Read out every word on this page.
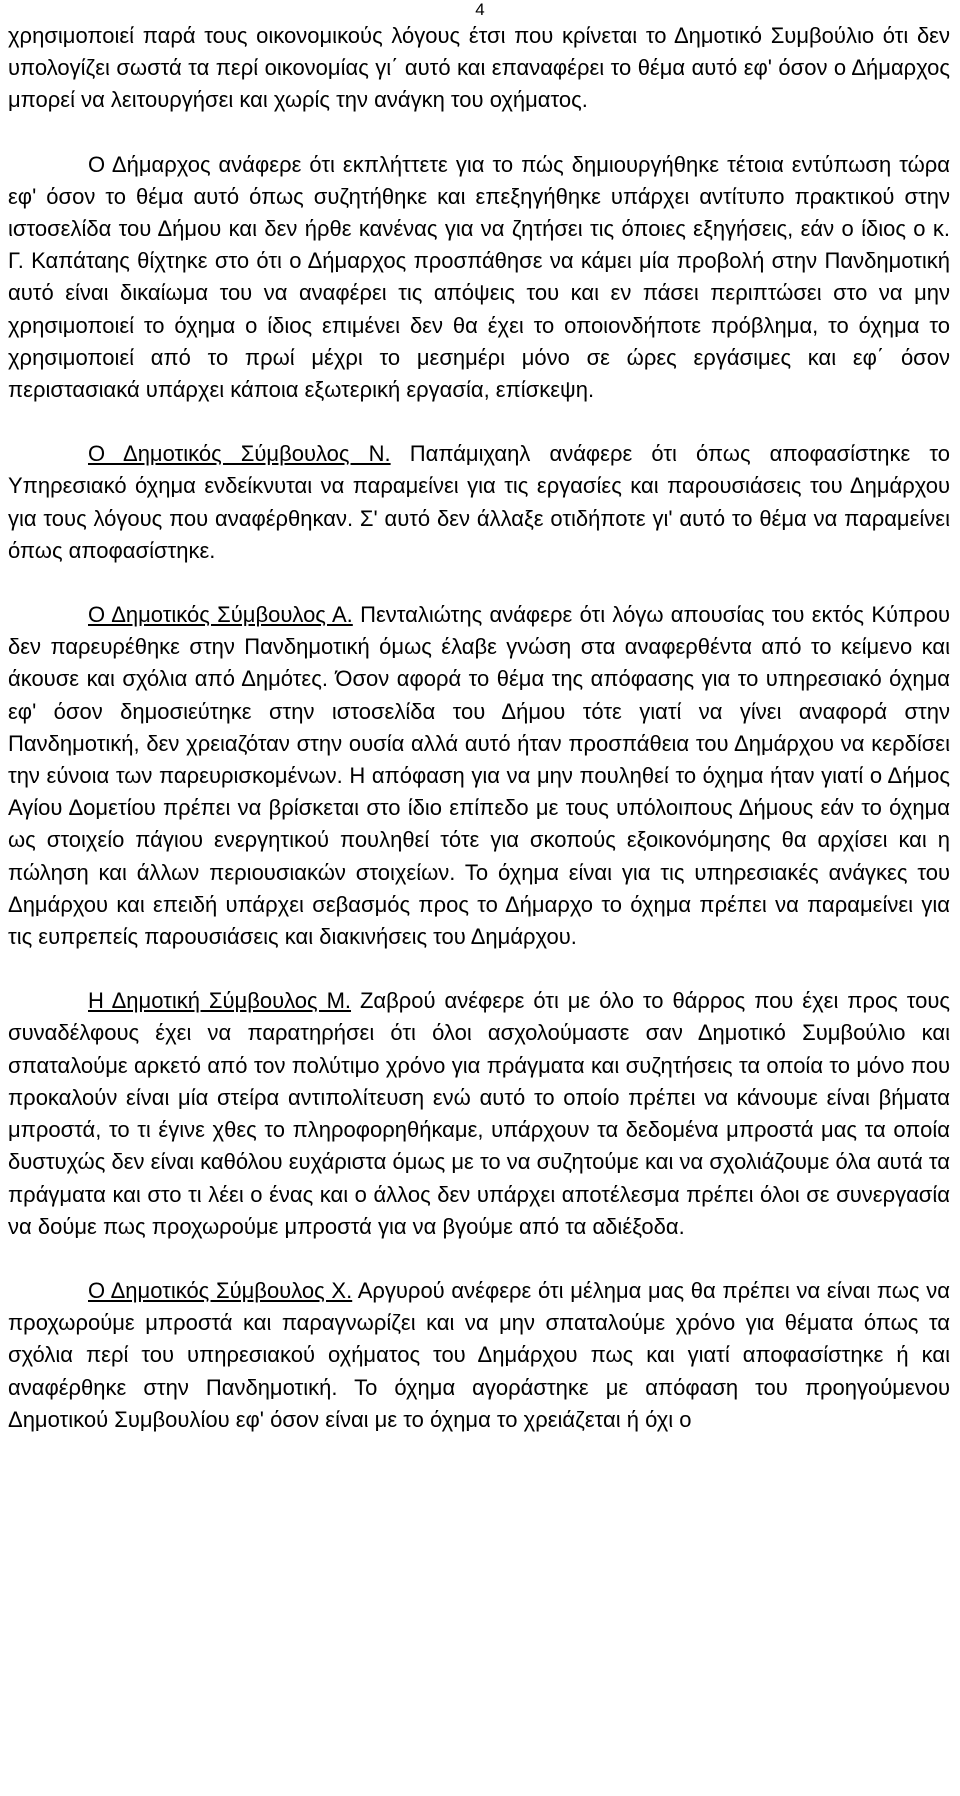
4

χρησιμοποιεί παρά τους οικονομικούς λόγους έτσι που κρίνεται το Δημοτικό Συμβούλιο ότι δεν υπολογίζει σωστά τα περί οικονομίας γι΄ αυτό και επαναφέρει το θέμα αυτό εφ' όσον ο Δήμαρχος μπορεί να λειτουργήσει και χωρίς την ανάγκη του οχήματος.

Ο Δήμαρχος ανάφερε ότι εκπλήττετε για το πώς δημιουργήθηκε τέτοια εντύπωση τώρα εφ' όσον το θέμα αυτό όπως συζητήθηκε και επεξηγήθηκε υπάρχει αντίτυπο πρακτικού στην ιστοσελίδα του Δήμου και δεν ήρθε κανένας για να ζητήσει τις όποιες εξηγήσεις, εάν ο ίδιος ο κ. Γ. Καπάταης θίχτηκε στο ότι ο Δήμαρχος προσπάθησε να κάμει μία προβολή στην Πανδημοτική αυτό είναι δικαίωμα του να αναφέρει τις απόψεις του και εν πάσει περιπτώσει στο να μην χρησιμοποιεί το όχημα ο ίδιος επιμένει δεν θα έχει το οποιονδήποτε πρόβλημα, το όχημα το χρησιμοποιεί από το πρωί μέχρι το μεσημέρι μόνο σε ώρες εργάσιμες και εφ΄ όσον περιστασιακά υπάρχει κάποια εξωτερική εργασία, επίσκεψη.

Ο Δημοτικός Σύμβουλος Ν. Παπάμιχαηλ ανάφερε ότι όπως αποφασίστηκε το Υπηρεσιακό όχημα ενδείκνυται να παραμείνει για τις εργασίες και παρουσιάσεις του Δημάρχου για τους λόγους που αναφέρθηκαν. Σ' αυτό δεν άλλαξε οτιδήποτε γι' αυτό το θέμα να παραμείνει όπως αποφασίστηκε.

Ο Δημοτικός Σύμβουλος Α. Πενταλιώτης ανάφερε ότι λόγω απουσίας του εκτός Κύπρου δεν παρευρέθηκε στην Πανδημοτική όμως έλαβε γνώση στα αναφερθέντα από το κείμενο και άκουσε και σχόλια από Δημότες. Όσον αφορά το θέμα της απόφασης για το υπηρεσιακό όχημα εφ' όσον δημοσιεύτηκε στην ιστοσελίδα του Δήμου τότε γιατί να γίνει αναφορά στην Πανδημοτική, δεν χρειαζόταν στην ουσία αλλά αυτό ήταν προσπάθεια του Δημάρχου να κερδίσει την εύνοια των παρευρισκομένων. Η απόφαση για να μην πουληθεί το όχημα ήταν γιατί ο Δήμος Αγίου Δομετίου πρέπει να βρίσκεται στο ίδιο επίπεδο με τους υπόλοιπους Δήμους εάν το όχημα ως στοιχείο πάγιου ενεργητικού πουληθεί τότε για σκοπούς εξοικονόμησης θα αρχίσει και η πώληση και άλλων περιουσιακών στοιχείων. Το όχημα είναι για τις υπηρεσιακές ανάγκες του Δημάρχου και επειδή υπάρχει σεβασμός προς το Δήμαρχο το όχημα πρέπει να παραμείνει για τις ευπρεπείς παρουσιάσεις και διακινήσεις του Δημάρχου.

Η Δημοτική Σύμβουλος Μ. Ζαβρού ανέφερε ότι με όλο το θάρρος που έχει προς τους συναδέλφους έχει να παρατηρήσει ότι όλοι ασχολούμαστε σαν Δημοτικό Συμβούλιο και σπαταλούμε αρκετό από τον πολύτιμο χρόνο για πράγματα και συζητήσεις τα οποία το μόνο που προκαλούν είναι μία στείρα αντιπολίτευση ενώ αυτό το οποίο πρέπει να κάνουμε είναι βήματα μπροστά, το τι έγινε χθες το πληροφορηθήκαμε, υπάρχουν τα δεδομένα μπροστά μας τα οποία δυστυχώς δεν είναι καθόλου ευχάριστα όμως με το να συζητούμε και να σχολιάζουμε όλα αυτά τα πράγματα και στο τι λέει ο ένας και ο άλλος δεν υπάρχει αποτέλεσμα πρέπει όλοι σε συνεργασία να δούμε πως προχωρούμε μπροστά για να βγούμε από τα αδιέξοδα.

Ο Δημοτικός Σύμβουλος Χ. Αργυρού ανέφερε ότι μέλημα μας θα πρέπει να είναι πως να προχωρούμε μπροστά και παραγνωρίζει και να μην σπαταλούμε χρόνο για θέματα όπως τα σχόλια περί του υπηρεσιακού οχήματος του Δημάρχου πως και γιατί αποφασίστηκε ή και αναφέρθηκε στην Πανδημοτική. Το όχημα αγοράστηκε με απόφαση του προηγούμενου Δημοτικού Συμβουλίου εφ' όσον είναι με το όχημα το χρειάζεται ή όχι ο
